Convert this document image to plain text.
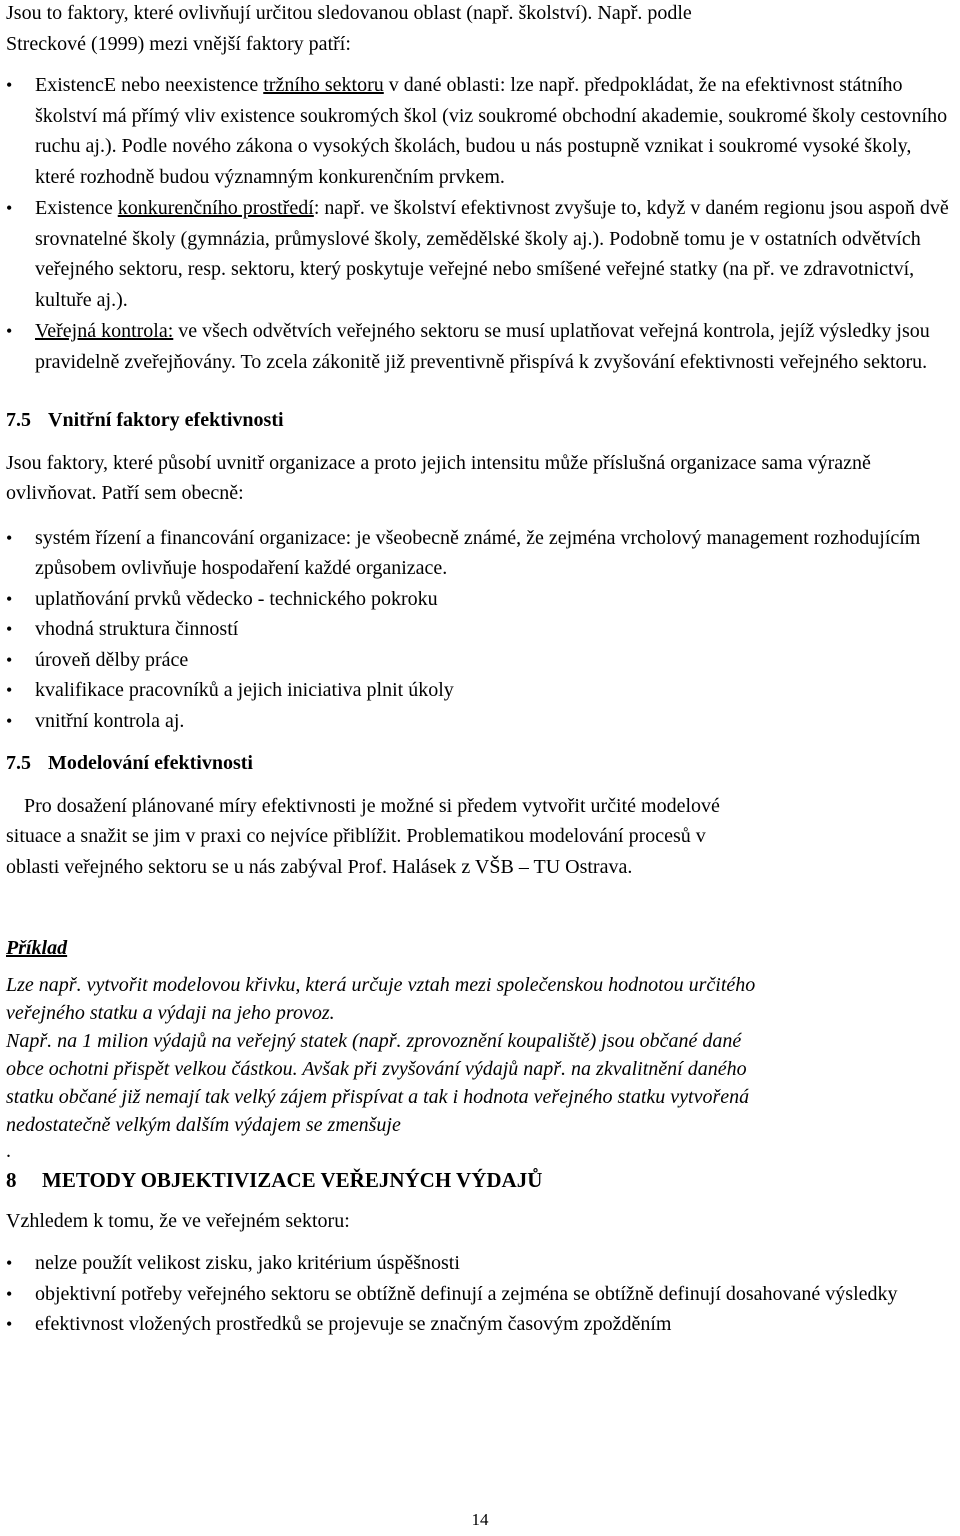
Jsou to faktory, které ovlivňují určitou sledovanou oblast (např. školství). Např. podle

Streckové (1999) mezi vnější faktory patří:

•	ExistencE nebo neexistence tržního sektoru v dané oblasti: lze např. předpokládat, že na efektivnost státního školství má přímý vliv existence soukromých škol (viz soukromé obchodní akademie, soukromé školy cestovního ruchu aj.). Podle nového zákona o vysokých školách, budou u nás postupně vznikat i soukromé vysoké školy, které rozhodně budou významným konkurenčním prvkem.
•	Existence konkurenčního prostředí: např. ve školství efektivnost zvyšuje to, když v daném regionu jsou aspoň dvě srovnatelné školy (gymnázia, průmyslové školy, zemědělské školy aj.). Podobně tomu je v ostatních odvětvích veřejného sektoru, resp. sektoru, který poskytuje veřejné nebo smíšené veřejné statky (na př. ve zdravotnictví, kultuře aj.).
•	Veřejná kontrola: ve všech odvětvích veřejného sektoru se musí uplatňovat veřejná kontrola, jejíž výsledky jsou pravidelně zveřejňovány. To zcela zákonitě již preventivně přispívá k zvyšování efektivnosti veřejného sektoru.

7.5 Vnitřní faktory efektivnosti

Jsou faktory, které působí uvnitř organizace a proto jejich intensitu může příslušná organizace sama výrazně ovlivňovat. Patří sem obecně:

•	systém řízení a financování organizace: je všeobecně známé, že zejména vrcholový management rozhodujícím způsobem ovlivňuje hospodaření každé organizace.
•	uplatňování prvků vědecko - technického pokroku
•	vhodná struktura činností
•	úroveň dělby práce
•	kvalifikace pracovníků a jejich iniciativa plnit úkoly
•	vnitřní kontrola aj.

7.5 Modelování efektivnosti

Pro dosažení plánované míry efektivnosti je možné si předem vytvořit určité modelové

situace a snažit se jim v praxi co nejvíce přiblížit. Problematikou modelování procesů v

oblasti veřejného sektoru se u nás zabýval Prof. Halásek z VŠB – TU Ostrava.

Příklad

Lze např. vytvořit modelovou křivku, která určuje vztah mezi společenskou hodnotou určitého

veřejného statku a výdaji na jeho provoz.

Např. na 1 milion výdajů na veřejný statek (např. zprovoznění koupaliště) jsou občané dané

obce ochotni přispět velkou částkou. Avšak při zvyšování výdajů např. na zkvalitnění daného

statku občané již nemají tak velký zájem přispívat a tak i hodnota veřejného statku vytvořená

nedostatečně velkým dalším výdajem se zmenšuje

.

8 METODY OBJEKTIVIZACE VEŘEJNÝCH VÝDAJŮ

Vzhledem k tomu, že ve veřejném sektoru:

•	nelze použít velikost zisku, jako kritérium úspěšnosti
•	objektivní potřeby veřejného sektoru se obtížně definují a zejména se obtížně definují dosahované výsledky
•	efektivnost vložených prostředků se projevuje se značným časovým zpožděním
14
